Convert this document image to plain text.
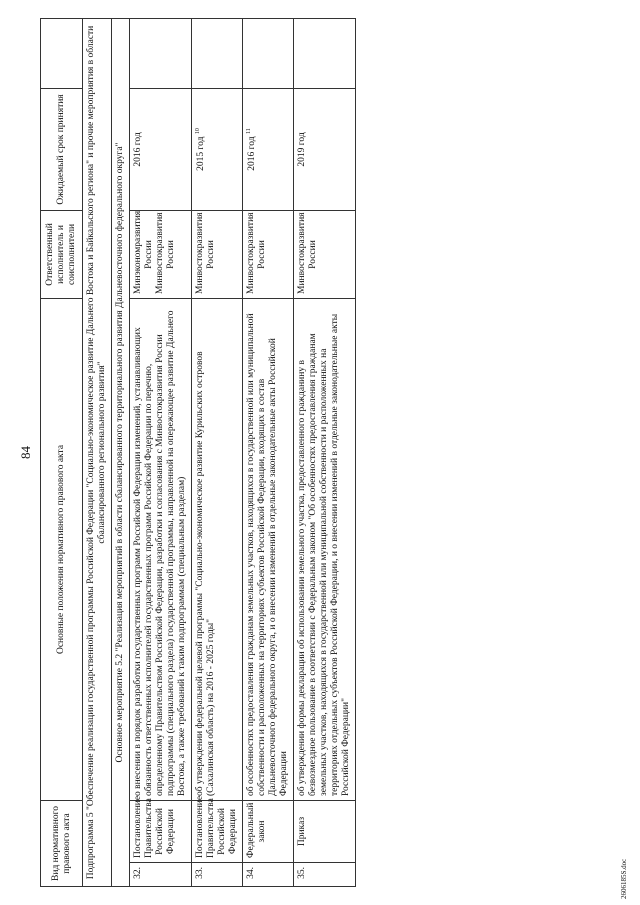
84
Вид нормативного правового акта		Основные положения нормативного правового акта	Ответственный исполнитель и соисполнители	Ожидаемый срок принятия	
Подпрограмма 5 "Обеспечение реализации государственной программы Российской Федерации "Социально-экономическое развитие Дальнего Востока и Байкальского региона" и прочие мероприятия в области сбалансированного регионального развития"					
Основное мероприятие 5.2 "Реализация мероприятий в области сбалансированного территориального развития Дальневосточного федерального округа"					
32.	Постановление Правительства Российской Федерации	о внесении в порядок разработки государственных программ Российской Федерации изменений, устанавливающих обязанность ответственных исполнителей государственных программ Российской Федерации по перечню, определенному Правительством Российской Федерации, разработки и согласования с Минвостокразвития России подпрограммы (специального раздела) государственной программы, направленной на опережающее развитие Дальнего Востока, а также требований к таким подпрограммам (специальным разделам)	Минэкономразвития России Минвостокразвития России	2016 год	
33.	Постановление Правительства Российской Федерации	об утверждении федеральной целевой программы "Социально-экономическое развитие Курильских островов (Сахалинская область) на 2016 - 2025 годы"	Минвостокразвития России	2015 год $^{10}$	
34.	Федеральный закон	об особенностях предоставления гражданам земельных участков, находящихся в государственной или муниципальной собственности и расположенных на территориях субъектов Российской Федерации, входящих в состав Дальневосточного федерального округа, и о внесении изменений в отдельные законодательные акты Российской Федерации	Минвостокразвития России	2016 год $^{11}$	
35.	Приказ	об утверждении формы декларации об использовании земельного участка, предоставленного гражданину в безвозмездное пользование в соответствии с Федеральным законом "Об особенностях предоставления гражданам земельных участков, находящихся в государственной или муниципальной собственности и расположенных на территориях отдельных субъектов Российской Федерации, и о внесении изменений в отдельные законодательные акты Российской Федерации"	Минвостокразвития России	2019 год	
2606185S.doc
